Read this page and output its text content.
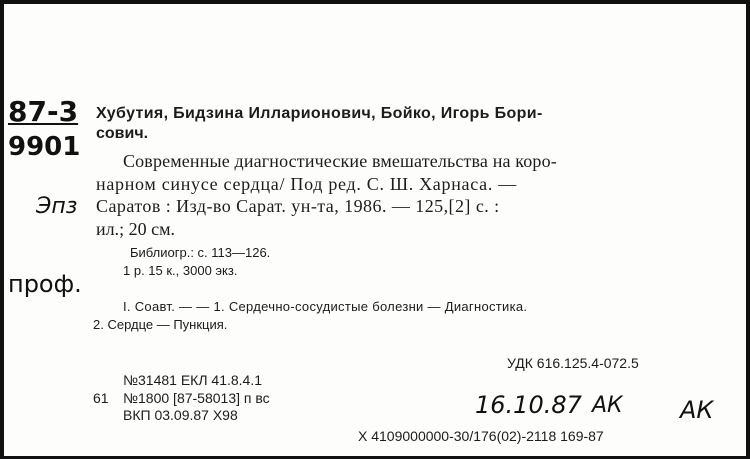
87-3
9901
Эпз
проф.
16.10.87 АК АК
Хубутия, Бидзина Илларионович, Бойко, Игорь Бори-
сович.
Современные диагностические вмешательства на коро-
нарном синусе сердца/ Под ред. С. Ш. Харнаса. —
Саратов : Изд-во Сарат. ун-та, 1986. — 125,[2] с. :
ил.; 20 см.
Библиогр.: с. 113—126.
1 р. 15 к., 3000 экз.
I. Соавт. — — 1. Сердечно-сосудистые болезни — Диагностика.
2. Сердце — Пункция.
УДК 616.125.4-072.5
№31481 ЕКЛ 41.8.4.1
61 №1800 [87-58013] п вс
ВКП 03.09.87 Х98
Х 4109000000-30/176(02)-2118 169-87
